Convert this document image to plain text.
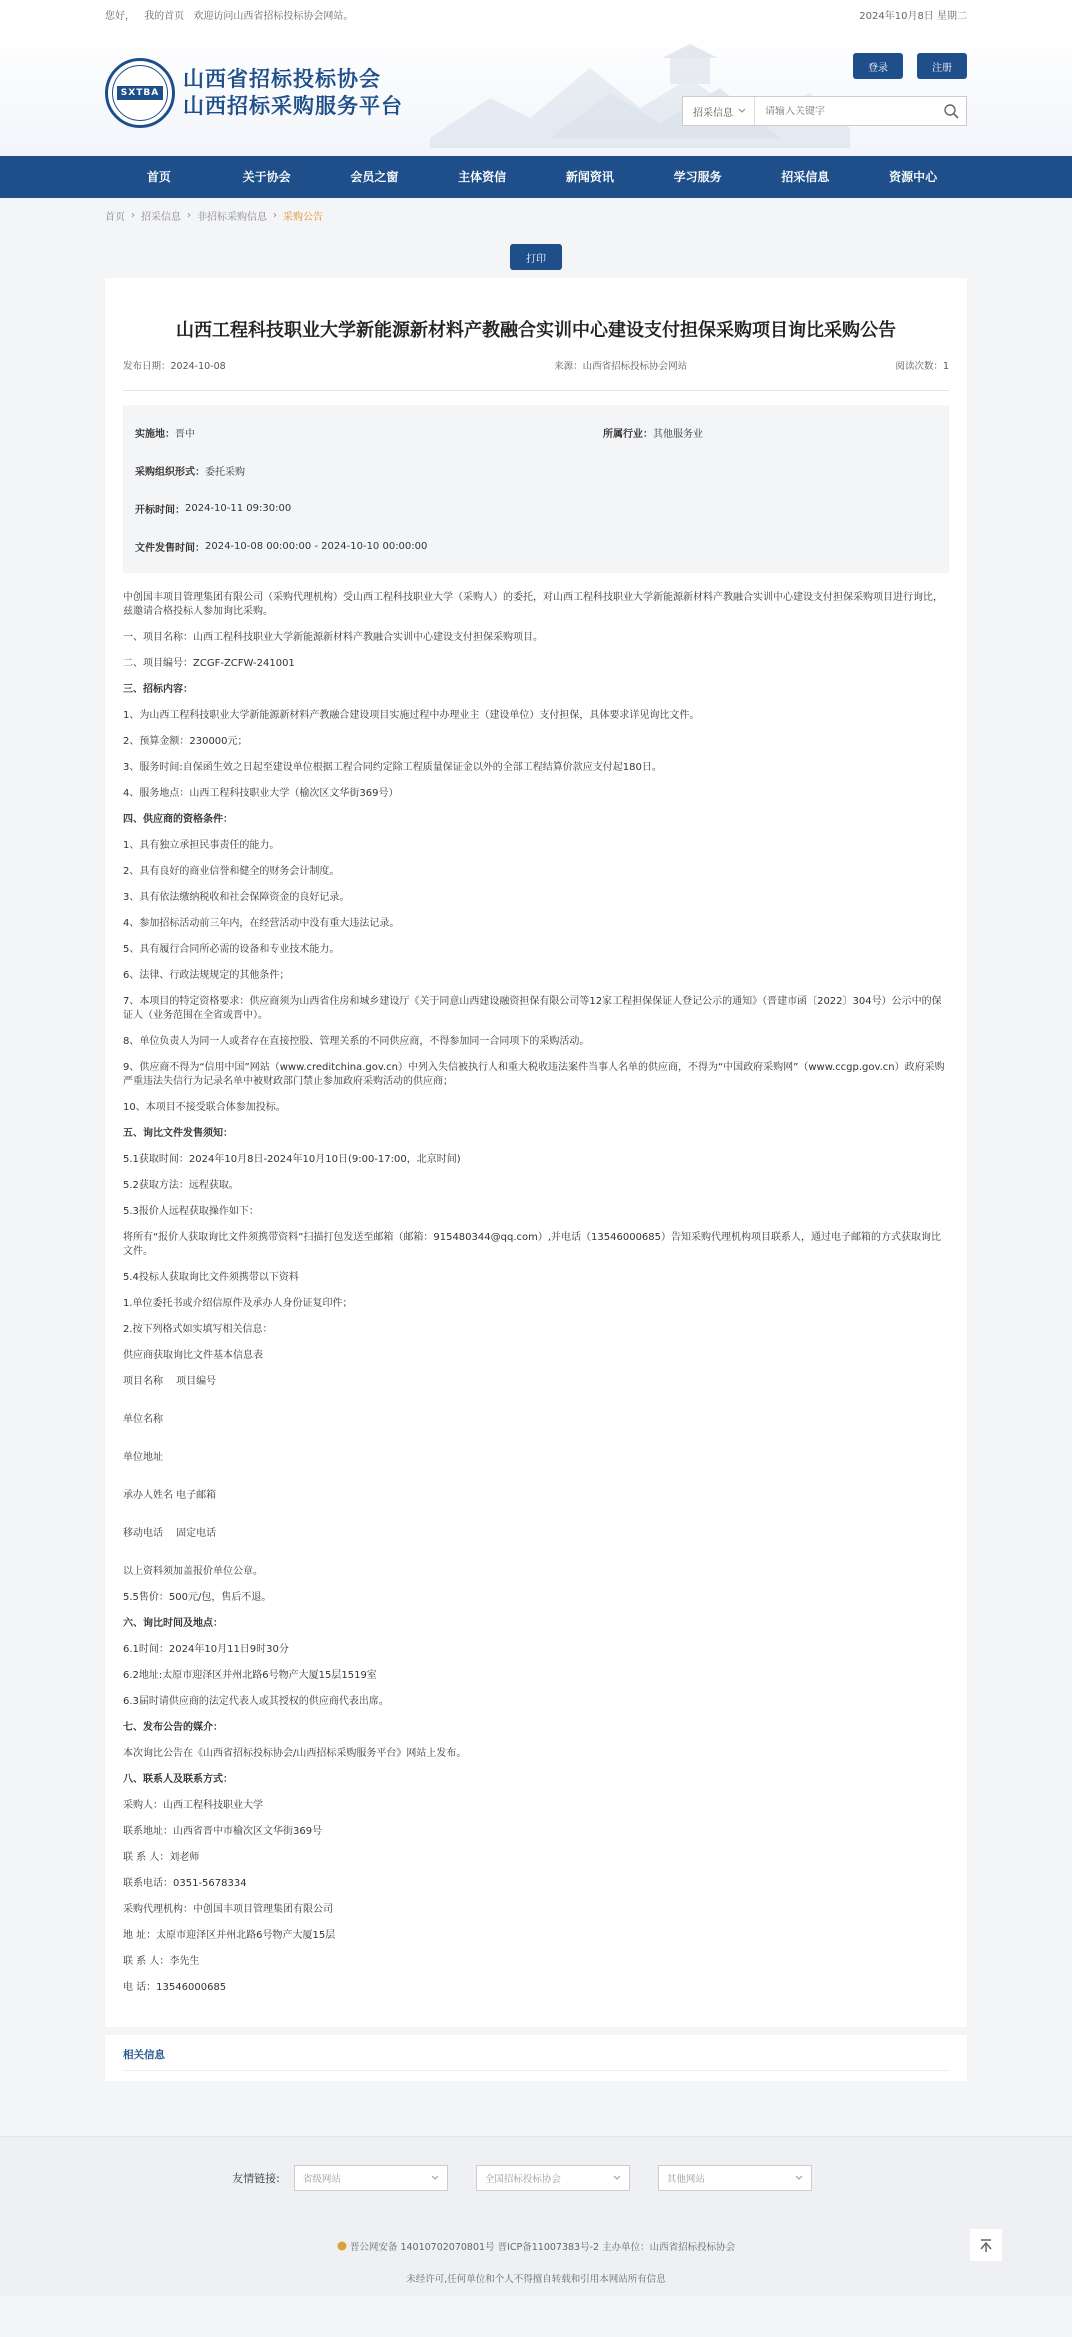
您好， 我的首页 欢迎访问山西省招标投标协会网站。	2024年10月8日 星期二
SXTBA
山西省招标投标协会
山西招标采购服务平台
登录	注册
招采信息
请输入关键字
首页	关于协会	会员之窗	主体资信	新闻资讯	学习服务	招采信息	资源中心
首页 › 招采信息 › 非招标采购信息 › 采购公告
打印
山西工程科技职业大学新能源新材料产教融合实训中心建设支付担保采购项目询比采购公告
发布日期：2024-10-08	来源：山西省招标投标协会网站	阅读次数：1
实施地：晋中	所属行业：其他服务业
采购组织形式： 委托采购
开标时间： 2024-10-11 09:30:00
文件发售时间： 2024-10-08 00:00:00 - 2024-10-10 00:00:00

中创国丰项目管理集团有限公司（采购代理机构）受山西工程科技职业大学（采购人）的委托，对山西工程科技职业大学新能源新材料产教融合实训中心建设支付担保采购项目进行询比，兹邀请合格投标人参加询比采购。

一、项目名称：山西工程科技职业大学新能源新材料产教融合实训中心建设支付担保采购项目。

二、项目编号：ZCGF-ZCFW-241001

三、招标内容：

1、为山西工程科技职业大学新能源新材料产教融合建设项目实施过程中办理业主（建设单位）支付担保，具体要求详见询比文件。

2、预算金额：230000元；

3、服务时间:自保函生效之日起至建设单位根据工程合同约定除工程质量保证金以外的全部工程结算价款应支付起180日。

4、服务地点：山西工程科技职业大学（榆次区文华街369号）

四、供应商的资格条件：

1、具有独立承担民事责任的能力。

2、具有良好的商业信誉和健全的财务会计制度。

3、具有依法缴纳税收和社会保障资金的良好记录。

4、参加招标活动前三年内，在经营活动中没有重大违法记录。

5、具有履行合同所必需的设备和专业技术能力。

6、法律、行政法规规定的其他条件；

7、本项目的特定资格要求：供应商须为山西省住房和城乡建设厅《关于同意山西建设融资担保有限公司等12家工程担保保证人登记公示的通知》（晋建市函〔2022〕304号）公示中的保证人（业务范围在全省或晋中）。

8、单位负责人为同一人或者存在直接控股、管理关系的不同供应商，不得参加同一合同项下的采购活动。

9、供应商不得为“信用中国”网站（www.creditchina.gov.cn）中列入失信被执行人和重大税收违法案件当事人名单的供应商，不得为“中国政府采购网”（www.ccgp.gov.cn）政府采购严重违法失信行为记录名单中被财政部门禁止参加政府采购活动的供应商；

10、本项目不接受联合体参加投标。

五、询比文件发售须知：

5.1获取时间：2024年10月8日-2024年10月10日(9:00-17:00，北京时间)

5.2获取方法：远程获取。

5.3报价人远程获取操作如下：

将所有“报价人获取询比文件须携带资料”扫描打包发送至邮箱（邮箱：915480344@qq.com）,并电话（13546000685）告知采购代理机构项目联系人，通过电子邮箱的方式获取询比文件。

5.4投标人获取询比文件须携带以下资料

1.单位委托书或介绍信原件及承办人身份证复印件；

2.按下列格式如实填写相关信息：

供应商获取询比文件基本信息表

项目名称　 项目编号

单位名称

单位地址

承办人姓名 电子邮箱

移动电话　 固定电话

以上资料须加盖报价单位公章。

5.5售价：500元/包，售后不退。

六、询比时间及地点：

6.1时间：2024年10月11日9时30分

6.2地址:太原市迎泽区并州北路6号物产大厦15层1519室

6.3届时请供应商的法定代表人或其授权的供应商代表出席。

七、发布公告的媒介：

本次询比公告在《山西省招标投标协会/山西招标采购服务平台》网站上发布。

八、联系人及联系方式：

采购人：山西工程科技职业大学

联系地址：山西省晋中市榆次区文华街369号

联 系 人：刘老师

联系电话：0351-5678334

采购代理机构：中创国丰项目管理集团有限公司

地 址：太原市迎泽区并州北路6号物产大厦15层

联 系 人：李先生

电 话：13546000685

相关信息
友情链接: 省级网站	全国招标投标协会	其他网站
晋公网安备 14010702070801号 晋ICP备11007383号-2 主办单位：山西省招标投标协会
未经许可,任何单位和个人不得擅自转载和引用本网站所有信息
